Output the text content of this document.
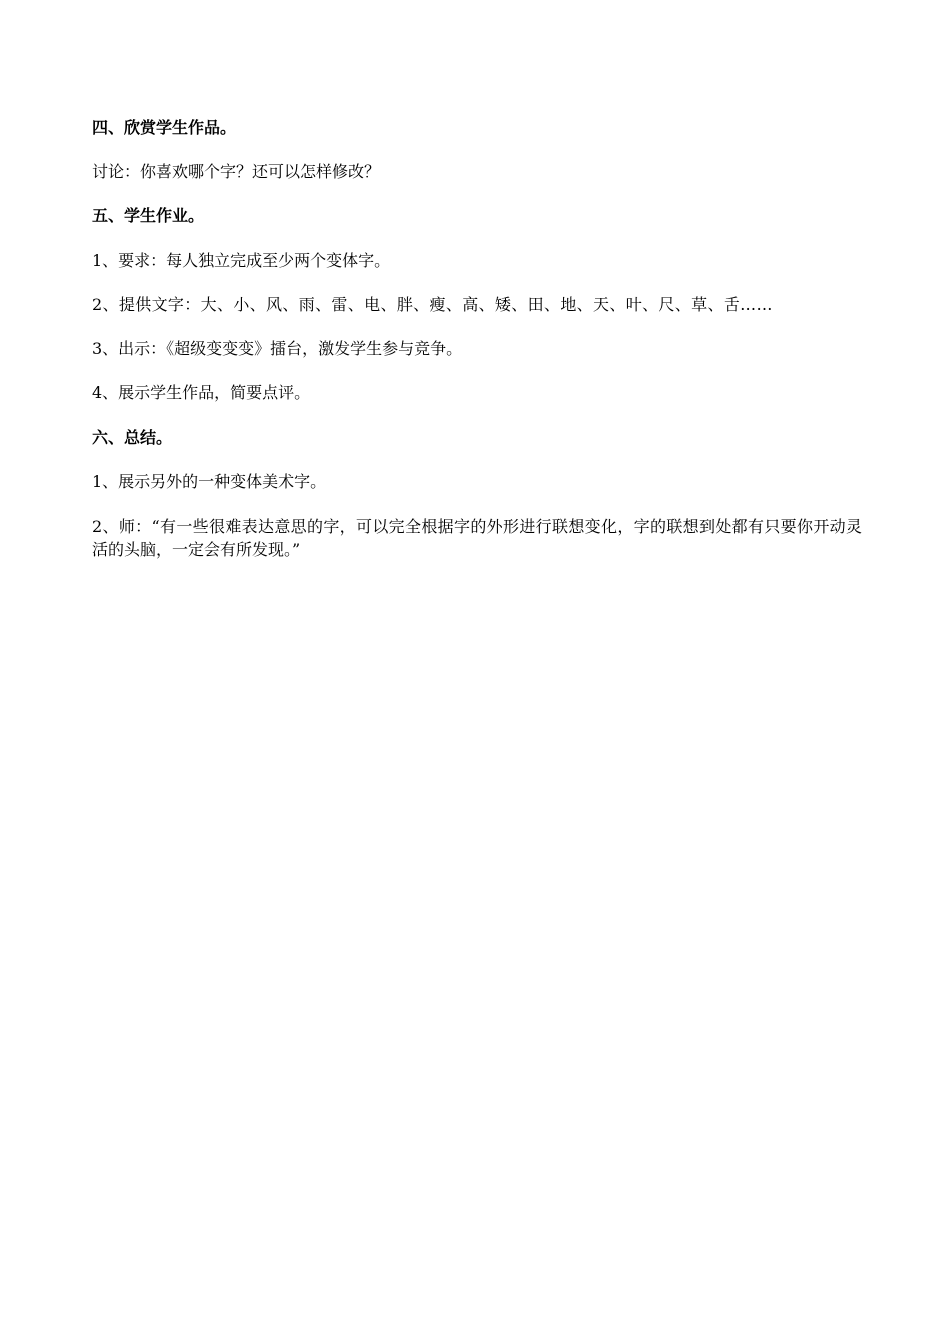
四、欣赏学生作品。
讨论：你喜欢哪个字？还可以怎样修改？
五、学生作业。
1、要求：每人独立完成至少两个变体字。
2、提供文字：大、小、风、雨、雷、电、胖、瘦、高、矮、田、地、天、叶、尺、草、舌……
3、出示：《超级变变变》擂台，激发学生参与竞争。
4、展示学生作品，简要点评。
六、总结。
1、展示另外的一种变体美术字。
2、师：“有一些很难表达意思的字，可以完全根据字的外形进行联想变化，字的联想到处都有只要你开动灵活的头脑，一定会有所发现。”
